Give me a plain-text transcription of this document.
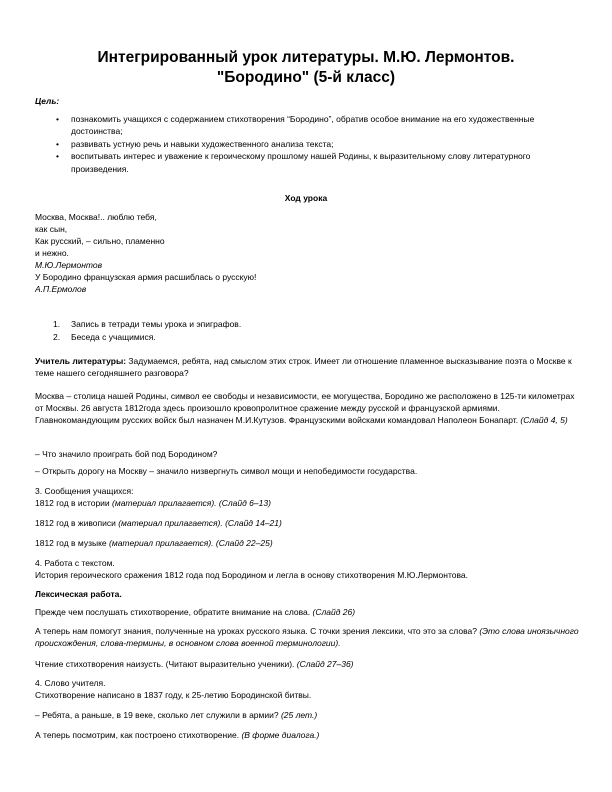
Интегрированный урок литературы. М.Ю. Лермонтов.
"Бородино" (5-й класс)
Цель:
• познакомить учащихся с содержанием стихотворения “Бородино”, обратив особое внимание на его художественные достоинства;
• развивать устную речь и навыки художественного анализа текста;
• воспитывать интерес и уважение к героическому прошлому нашей Родины, к выразительному слову литературного произведения.
Ход урока
Москва, Москва!.. люблю тебя,
как сын,
Как русский, – сильно, пламенно
и нежно.
М.Ю.Лермонтов
У Бородино французская армия расшиблась о русскую!
А.П.Ермолов
1. Запись в тетради темы урока и эпиграфов.
2. Беседа с учащимися.
Учитель литературы: Задумаемся, ребята, над смыслом этих строк. Имеет ли отношение пламенное высказывание поэта о Москве к теме нашего сегодняшнего разговора?
Москва – столица нашей Родины, символ ее свободы и независимости, ее могущества, Бородино же расположено в 125-ти километрах от Москвы. 26 августа 1812года здесь произошло кровопролитное сражение между русской и французской армиями. Главнокомандующим русских войск был назначен М.И.Кутузов. Французскими войсками командовал Наполеон Бонапарт. (Слайд 4, 5)
– Что значило проиграть бой под Бородином?
– Открыть дорогу на Москву – значило низвергнуть символ мощи и непобедимости государства.
3. Сообщения учащихся:
1812 год в истории (материал прилагается). (Слайд 6–13)
1812 год в живописи (материал прилагается). (Слайд 14–21)
1812 год в музыке (материал прилагается). (Слайд 22–25)
4. Работа с текстом.
История героического сражения 1812 года под Бородином и легла в основу стихотворения М.Ю.Лермонтова.
Лексическая работа.
Прежде чем послушать стихотворение, обратите внимание на слова. (Слайд 26)
А теперь нам помогут знания, полученные на уроках русского языка. С точки зрения лексики, что это за слова? (Это слова иноязычного происхождения, слова-термины, в основном слова военной терминологии).
Чтение стихотворения наизусть. (Читают выразительно ученики). (Слайд 27–36)
4. Слово учителя.
Стихотворение написано в 1837 году, к 25-летию Бородинской битвы.
– Ребята, а раньше, в 19 веке, сколько лет служили в армии? (25 лет.)
А теперь посмотрим, как построено стихотворение. (В форме диалога.)
